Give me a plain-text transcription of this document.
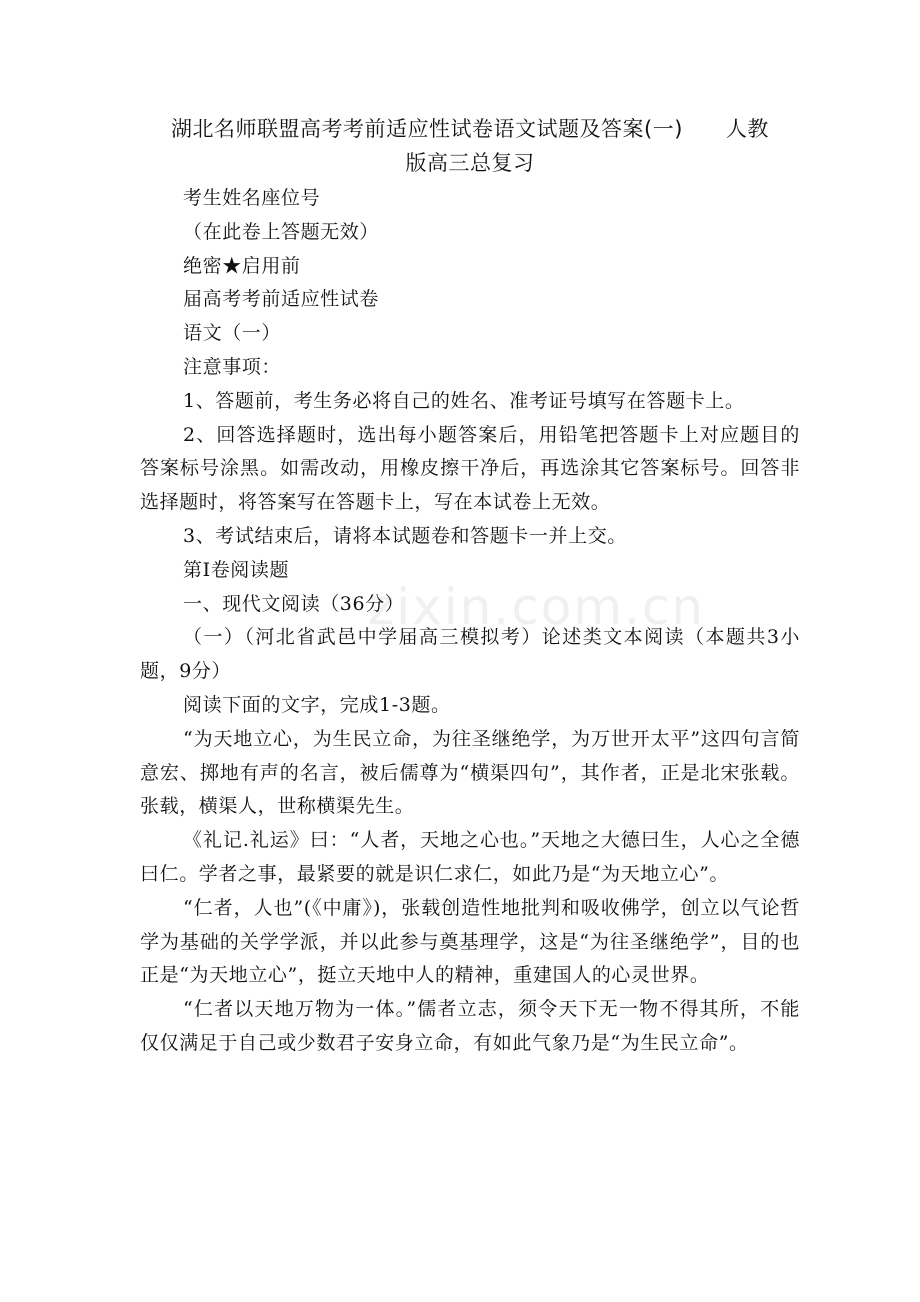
zixin.com.cn
湖北名师联盟高考考前适应性试卷语文试题及答案(一)　　人教
版高三总复习

考生姓名座位号

（在此卷上答题无效）

绝密★启用前

届高考考前适应性试卷

语文（一）

注意事项：

1、答题前，考生务必将自己的姓名、准考证号填写在答题卡上。

2、回答选择题时，选出每小题答案后，用铅笔把答题卡上对应题目的答案标号涂黑。如需改动，用橡皮擦干净后，再选涂其它答案标号。回答非选择题时，将答案写在答题卡上，写在本试卷上无效。

3、考试结束后，请将本试题卷和答题卡一并上交。

第Ⅰ卷阅读题

一、现代文阅读（36分）

（一）（河北省武邑中学届高三模拟考）论述类文本阅读（本题共3小题，9分）

阅读下面的文字，完成1-3题。

“为天地立心，为生民立命，为往圣继绝学，为万世开太平”这四句言简意宏、掷地有声的名言，被后儒尊为“横渠四句”，其作者，正是北宋张载。张载，横渠人，世称横渠先生。

《礼记.礼运》曰：“人者，天地之心也。”天地之大德曰生，人心之全德曰仁。学者之事，最紧要的就是识仁求仁，如此乃是“为天地立心”。

“仁者，人也”(《中庸》)，张载创造性地批判和吸收佛学，创立以气论哲学为基础的关学学派，并以此参与奠基理学，这是“为往圣继绝学”，目的也正是“为天地立心”，挺立天地中人的精神，重建国人的心灵世界。

“仁者以天地万物为一体。”儒者立志，须令天下无一物不得其所，不能仅仅满足于自己或少数君子安身立命，有如此气象乃是“为生民立命”。
